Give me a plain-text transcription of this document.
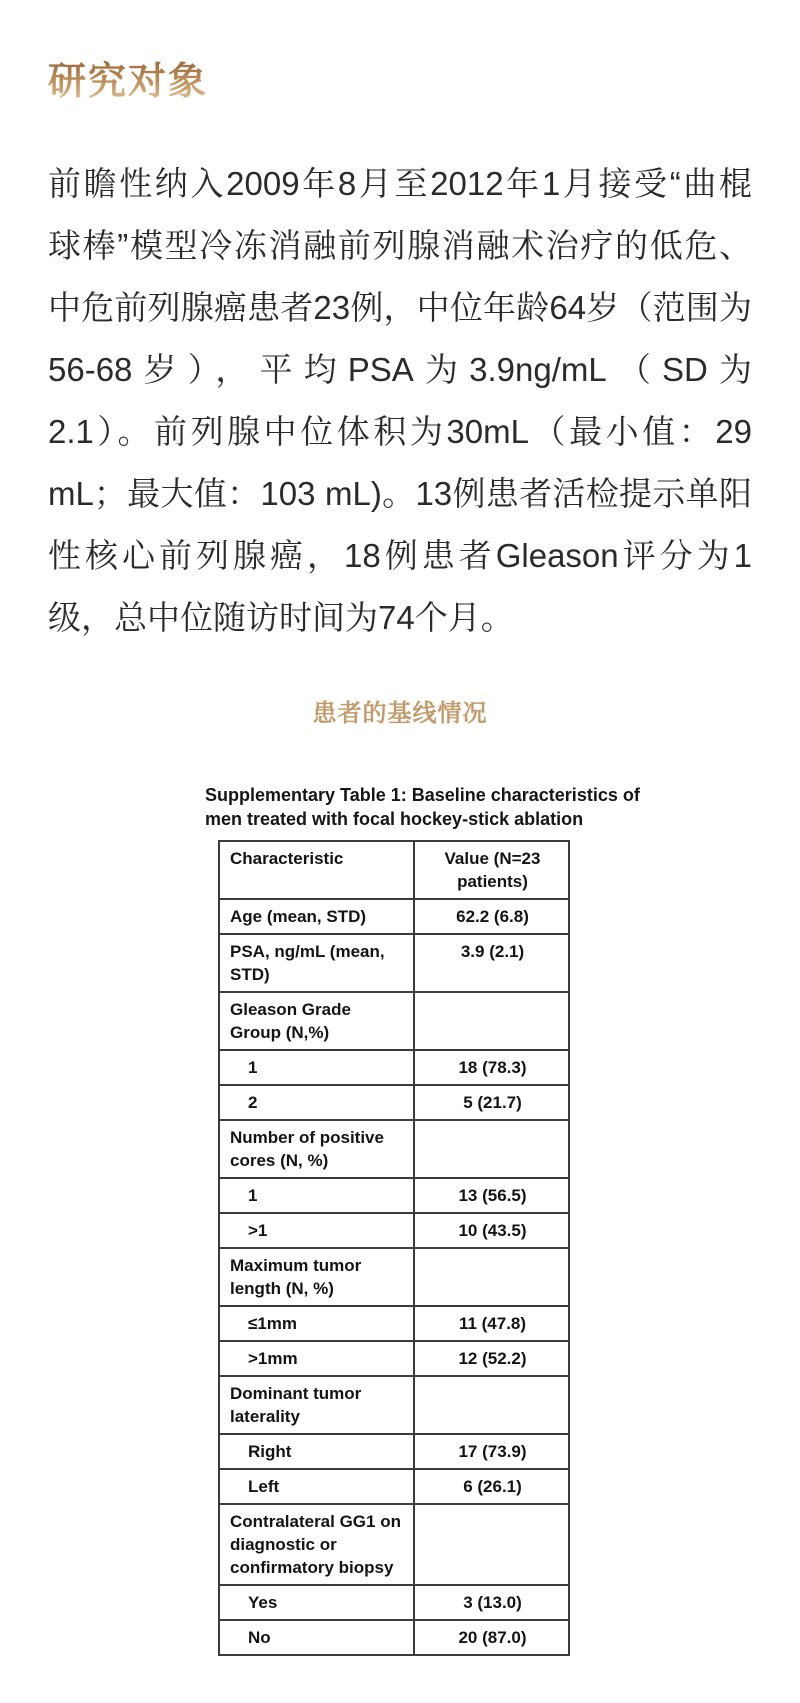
研究对象
前瞻性纳入2009年8月至2012年1月接受“曲棍
球棒”模型冷冻消融前列腺消融术治疗的低危、
中危前列腺癌患者23例，中位年龄64岁（范围为
56-68岁），平均PSA为3.9ng/mL（SD为
2.1）。前列腺中位体积为30mL（最小值：29
mL；最大值：103 mL)。13例患者活检提示单阳
性核心前列腺癌，18例患者Gleason评分为1
级，总中位随访时间为74个月。
患者的基线情况
Supplementary Table 1: Baseline characteristics of
men treated with focal hockey-stick ablation
Characteristic	Value (N=23 patients)
Age (mean, STD)	62.2 (6.8)
PSA, ng/mL (mean, STD)	3.9 (2.1)
Gleason Grade Group (N,%)	
1	18 (78.3)
2	5 (21.7)
Number of positive cores (N, %)	
1	13 (56.5)
>1	10 (43.5)
Maximum tumor length (N, %)	
≤1mm	11 (47.8)
>1mm	12 (52.2)
Dominant tumor laterality	
Right	17 (73.9)
Left	6 (26.1)
Contralateral GG1 on diagnostic or confirmatory biopsy	
Yes	3 (13.0)
No	20 (87.0)
